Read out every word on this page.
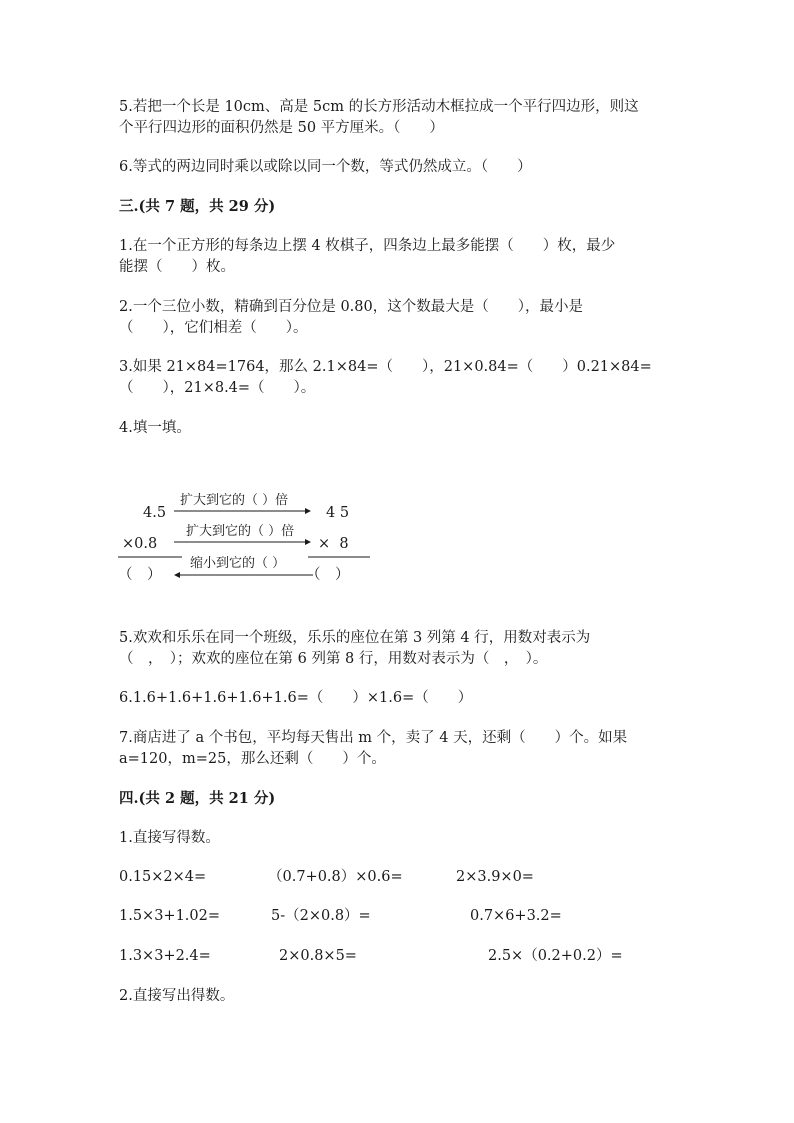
5.若把一个长是 10cm、高是 5cm 的长方形活动木框拉成一个平行四边形，则这
个平行四边形的面积仍然是 50 平方厘米。（　　）
6.等式的两边同时乘以或除以同一个数，等式仍然成立。（　　）
三.(共 7 题，共 29 分)
1.在一个正方形的每条边上摆 4 枚棋子，四条边上最多能摆（　　）枚，最少
能摆（　　）枚。
2.一个三位小数，精确到百分位是 0.80，这个数最大是（　　），最小是
（　　），它们相差（　　）。
3.如果 21×84=1764，那么 2.1×84=（　　），21×0.84=（　　）0.21×84=
（　　），21×8.4=（　　）。
4.填一填。
4.5
×0.8
（　）
4 5
×  8
（　）
扩大到它的（ ）倍
扩大到它的（ ）倍
缩小到它的（ ）
5.欢欢和乐乐在同一个班级，乐乐的座位在第 3 列第 4 行，用数对表示为
（　，　）；欢欢的座位在第 6 列第 8 行，用数对表示为（　，　）。
6.1.6+1.6+1.6+1.6+1.6=（　　）×1.6=（　　）
7.商店进了 a 个书包，平均每天售出 m 个，卖了 4 天，还剩（　　）个。如果
a=120，m=25，那么还剩（　　）个。
四.(共 2 题，共 21 分)
1.直接写得数。
0.15×2×4=	（0.7+0.8）×0.6=	2×3.9×0=
1.5×3+1.02=	5-（2×0.8）=	0.7×6+3.2=
1.3×3+2.4=	2×0.8×5=	2.5×（0.2+0.2）=
2.直接写出得数。
